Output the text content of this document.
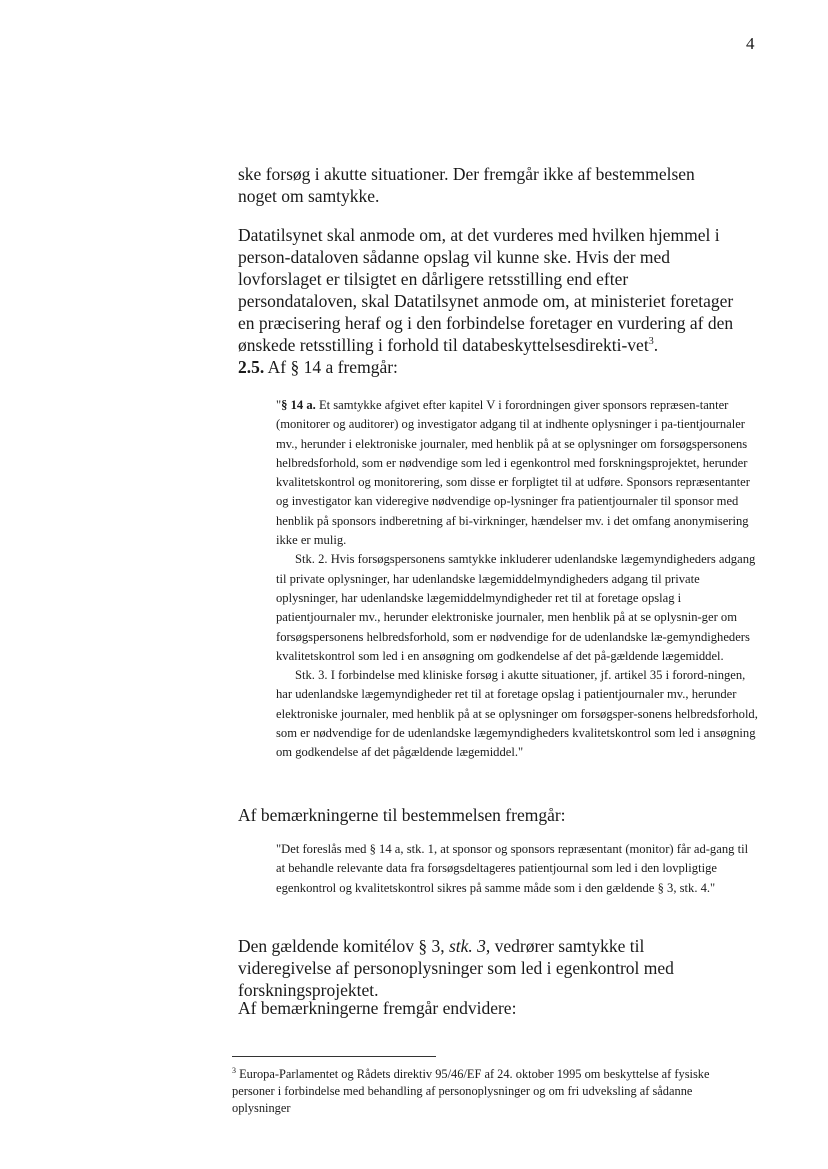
4

ske forsøg i akutte situationer. Der fremgår ikke af bestemmelsen noget om samtykke.

Datatilsynet skal anmode om, at det vurderes med hvilken hjemmel i person-dataloven sådanne opslag vil kunne ske. Hvis der med lovforslaget er tilsigtet en dårligere retsstilling end efter persondataloven, skal Datatilsynet anmode om, at ministeriet foretager en præcisering heraf og i den forbindelse foretager en vurdering af den ønskede retsstilling i forhold til databeskyttelsesdirekti-vet$^3$.

2.5. Af § 14 a fremgår:

"§ 14 a. Et samtykke afgivet efter kapitel V i forordningen giver sponsors repræsen-tanter (monitorer og auditorer) og investigator adgang til at indhente oplysninger i pa-tientjournaler mv., herunder i elektroniske journaler, med henblik på at se oplysninger om forsøgspersonens helbredsforhold, som er nødvendige som led i egenkontrol med forskningsprojektet, herunder kvalitetskontrol og monitorering, som disse er forpligtet til at udføre. Sponsors repræsentanter og investigator kan videregive nødvendige op-lysninger fra patientjournaler til sponsor med henblik på sponsors indberetning af bi-virkninger, hændelser mv. i det omfang anonymisering ikke er mulig.

Stk. 2. Hvis forsøgspersonens samtykke inkluderer udenlandske lægemyndigheders adgang til private oplysninger, har udenlandske lægemiddelmyndigheders adgang til private oplysninger, har udenlandske lægemiddelmyndigheder ret til at foretage opslag i patientjournaler mv., herunder elektroniske journaler, men henblik på at se oplysnin-ger om forsøgspersonens helbredsforhold, som er nødvendige for de udenlandske læ-gemyndigheders kvalitetskontrol som led i en ansøgning om godkendelse af det på-gældende lægemiddel.

Stk. 3. I forbindelse med kliniske forsøg i akutte situationer, jf. artikel 35 i forord-ningen, har udenlandske lægemyndigheder ret til at foretage opslag i patientjournaler mv., herunder elektroniske journaler, med henblik på at se oplysninger om forsøgsper-sonens helbredsforhold, som er nødvendige for de udenlandske lægemyndigheders kvalitetskontrol som led i ansøgning om godkendelse af det pågældende lægemiddel."

Af bemærkningerne til bestemmelsen fremgår:

"Det foreslås med § 14 a, stk. 1, at sponsor og sponsors repræsentant (monitor) får ad-gang til at behandle relevante data fra forsøgsdeltageres patientjournal som led i den lovpligtige egenkontrol og kvalitetskontrol sikres på samme måde som i den gældende § 3, stk. 4."

Den gældende komitélov § 3, stk. 3, vedrører samtykke til videregivelse af personoplysninger som led i egenkontrol med forskningsprojektet.

Af bemærkningerne fremgår endvidere:

$^3$ Europa-Parlamentet og Rådets direktiv 95/46/EF af 24. oktober 1995 om beskyttelse af fysiske personer i forbindelse med behandling af personoplysninger og om fri udveksling af sådanne oplysninger
